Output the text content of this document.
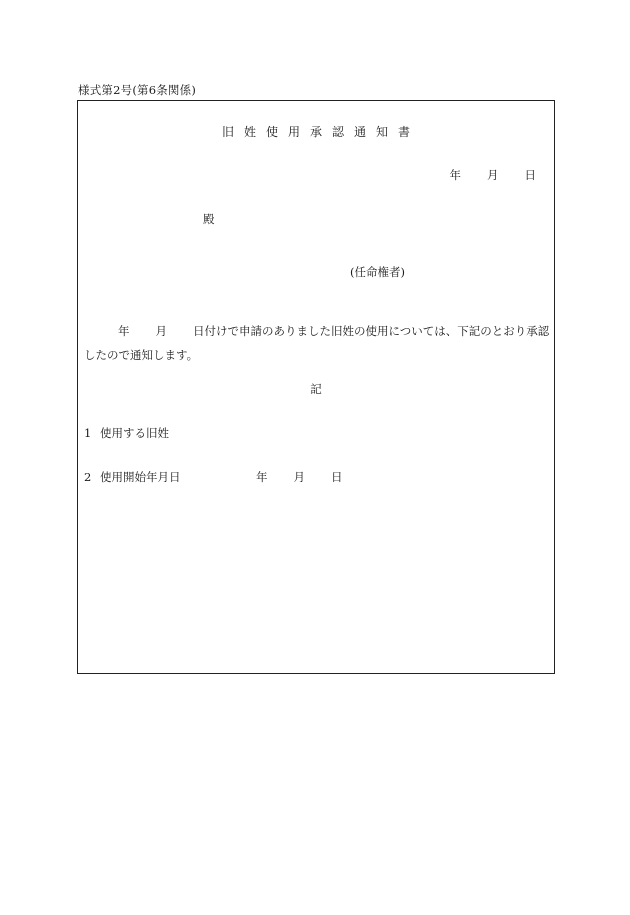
様式第2号(第6条関係)
旧姓使用承認通知書
年 月 日
殿
(任命権者)
年 月 日付けで申請のありました旧姓の使用については、下記のとおり承認したので通知します。
記
1 使用する旧姓
2 使用開始年月日	年 月 日
